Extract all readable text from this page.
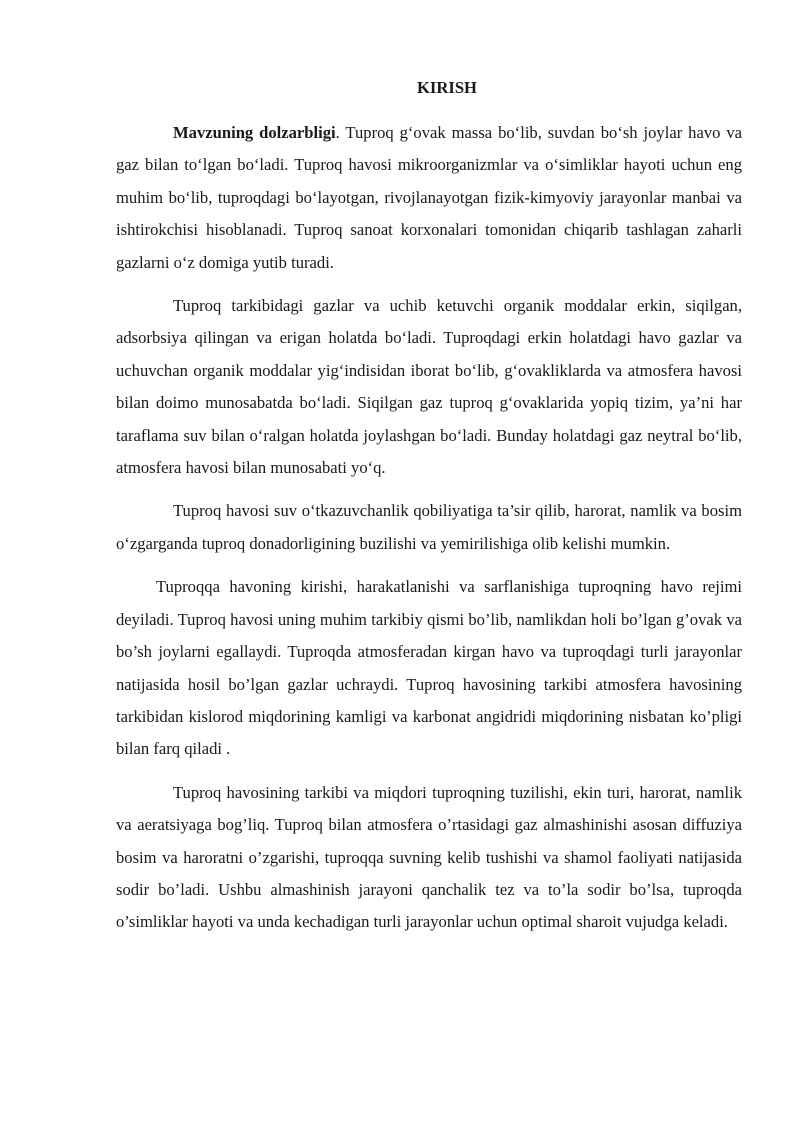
KIRISH

Mavzuning dolzarbligi. Tuproq g‘ovak massa bo‘lib, suvdan bo‘sh joylar havo va gaz bilan to‘lgan bo‘ladi. Tuproq havosi mikroorganizmlar va o‘simliklar hayoti uchun eng muhim bo‘lib, tuproqdagi bo‘layotgan, rivojlanayotgan fizik-kimyoviy jarayonlar manbai va ishtirokchisi hisoblanadi. Tuproq sanoat korxonalari tomonidan chiqarib tashlagan zaharli gazlarni o‘z domiga yutib turadi.

Tuproq tarkibidagi gazlar va uchib ketuvchi organik moddalar erkin, siqilgan, adsorbsiya qilingan va erigan holatda bo‘ladi. Tuproqdagi erkin holatdagi havo gazlar va uchuvchan organik moddalar yig‘indisidan iborat bo‘lib, g‘ovakliklarda va atmosfera havosi bilan doimo munosabatda bo‘ladi. Siqilgan gaz tuproq g‘ovaklarida yopiq tizim, ya’ni har taraflama suv bilan o‘ralgan holatda joylashgan bo‘ladi. Bunday holatdagi gaz neytral bo‘lib, atmosfera havosi bilan munosabati yo‘q.

Tuproq havosi suv o‘tkazuvchanlik qobiliyatiga ta’sir qilib, harorat, namlik va bosim o‘zgarganda tuproq donadorligining buzilishi va yemirilishiga olib kelishi mumkin.

Tuproqqa havoning kirishi, harakatlanishi va sarflanishiga tuproqning havo rejimi deyiladi. Tuproq havosi uning muhim tarkibiy qismi bo’lib, namlikdan holi bo’lgan g’ovak va bo’sh joylarni egallaydi. Tuproqda atmosferadan kirgan havo va tuproqdagi turli jarayonlar natijasida hosil bo’lgan gazlar uchraydi. Tuproq havosining tarkibi atmosfera havosining tarkibidan kislorod miqdorining kamligi va karbonat angidridi miqdorining nisbatan ko’pligi bilan farq qiladi .

Tuproq havosining tarkibi va miqdori tuproqning tuzilishi, ekin turi, harorat, namlik va aeratsiyaga bog’liq. Tuproq bilan atmosfera o’rtasidagi gaz almashinishi asosan diffuziya bosim va haroratni o’zgarishi, tuproqqa suvning kelib tushishi va shamol faoliyati natijasida sodir bo’ladi. Ushbu almashinish jarayoni qanchalik tez va to’la sodir bo’lsa, tuproqda o’simliklar hayoti va unda kechadigan turli jarayonlar uchun optimal sharoit vujudga keladi.
